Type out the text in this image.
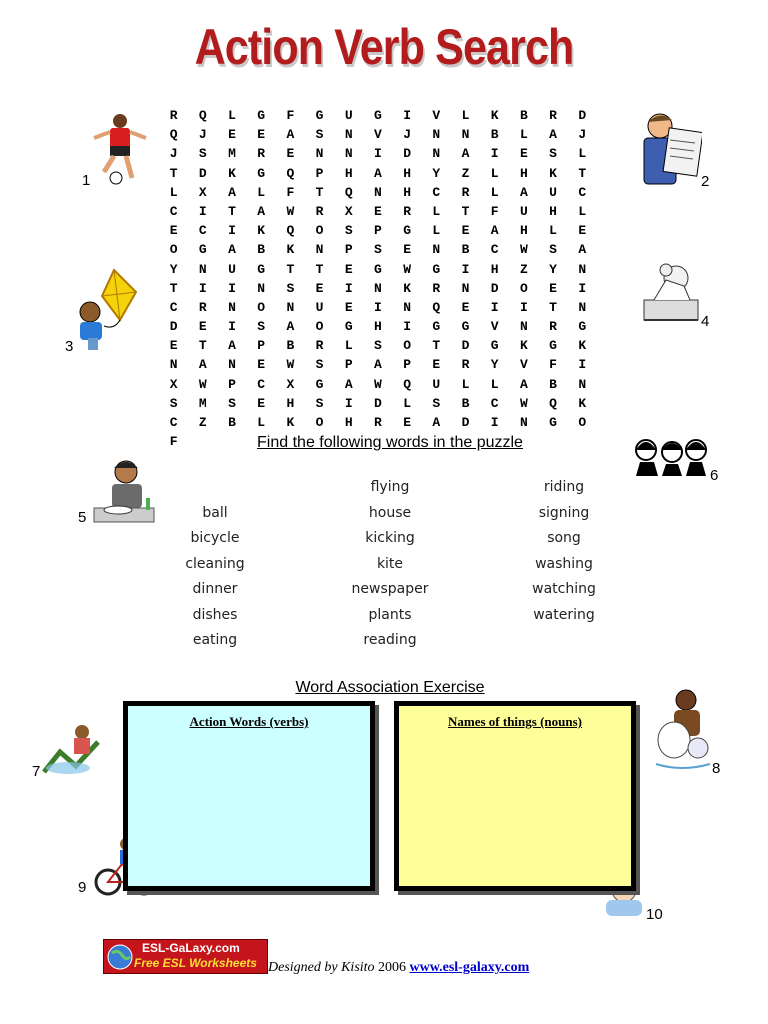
Action Verb Search
R	Q	L	G	F	G	U	G	I	V	L	K	B	R	D
Q	J	E	E	A	S	N	V	J	N	N	B	L	A	J
J	S	M	R	E	N	N	I	D	N	A	I	E	S	L
T	D	K	G	Q	P	H	A	H	Y	Z	L	H	K	T
L	X	A	L	F	T	Q	N	H	C	R	L	A	U	C
C	I	T	A	W	R	X	E	R	L	T	F	U	H	L
E	C	I	K	Q	O	S	P	G	L	E	A	H	L	E
O	G	A	B	K	N	P	S	E	N	B	C	W	S	A
Y	N	U	G	T	T	E	G	W	G	I	H	Z	Y	N
T	I	I	N	S	E	I	N	K	R	N	D	O	E	I
C	R	N	O	N	U	E	I	N	Q	E	I	I	T	N
D	E	I	S	A	O	G	H	I	G	G	V	N	R	G
E	T	A	P	B	R	L	S	O	T	D	G	K	G	K
N	A	N	E	W	S	P	A	P	E	R	Y	V	F	I
X	W	P	C	X	G	A	W	Q	U	L	L	A	B	N
S	M	S	E	H	S	I	D	L	S	B	C	W	Q	K
C	Z	B	L	K	O	H	R	E	A	D	I	N	G	O
F
1	2
3
4
5
6
7	8
9
10
Find the following words in the puzzle
ball
bicycle
cleaning
dinner
dishes
eating
flying
house
kicking
kite
newspaper
plants
reading
riding
signing
song
washing
watching
watering
Word Association Exercise
Action Words (verbs)	Names of things (nouns)
ESL-GaLaxy.com
Free ESL Worksheets Designed by Kisito 2006 www.esl-galaxy.com
